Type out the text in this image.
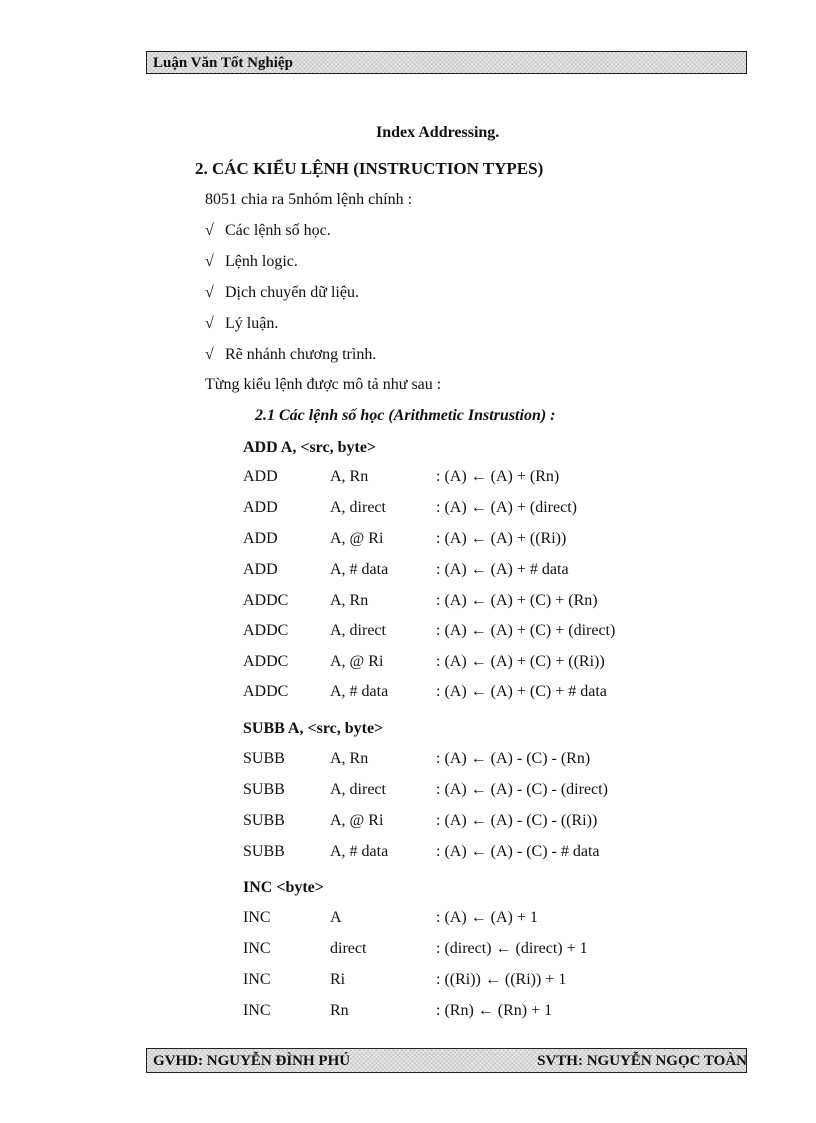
Luận Văn Tốt Nghiệp
Index Addressing.
2. CÁC KIỂU LỆNH (INSTRUCTION TYPES)
8051 chia ra 5nhóm lệnh chính :
√ Các lệnh số học.
√ Lệnh logic.
√ Dịch chuyển dữ liệu.
√ Lý luận.
√ Rẽ nhánh chương trình.
Từng kiểu lệnh được mô tả như sau :
2.1 Các lệnh số học (Arithmetic Instrustion) :
ADD A, <src, byte>
ADD	A, Rn	: (A) ← (A) + (Rn)
ADD	A, direct	: (A) ← (A) + (direct)
ADD	A, @ Ri	: (A) ← (A) + ((Ri))
ADD	A, # data	: (A) ← (A) + # data
ADDC	A, Rn	: (A) ← (A) + (C) + (Rn)
ADDC	A, direct	: (A) ← (A) + (C) + (direct)
ADDC	A, @ Ri	: (A) ← (A) + (C) + ((Ri))
ADDC	A, # data	: (A) ← (A) + (C) + # data
SUBB A, <src, byte>
SUBB	A, Rn	: (A) ← (A) - (C) - (Rn)
SUBB	A, direct	: (A) ← (A) - (C) - (direct)
SUBB	A, @ Ri	: (A) ← (A) - (C) - ((Ri))
SUBB	A, # data	: (A) ← (A) - (C) - # data
INC <byte>
INC	A	: (A) ← (A) + 1
INC	direct	: (direct) ← (direct) + 1
INC	Ri	: ((Ri)) ← ((Ri)) + 1
INC	Rn	: (Rn) ← (Rn) + 1
GVHD: NGUYỄN ĐÌNH PHÚ	SVTH: NGUYỄN NGỌC TOÀN
